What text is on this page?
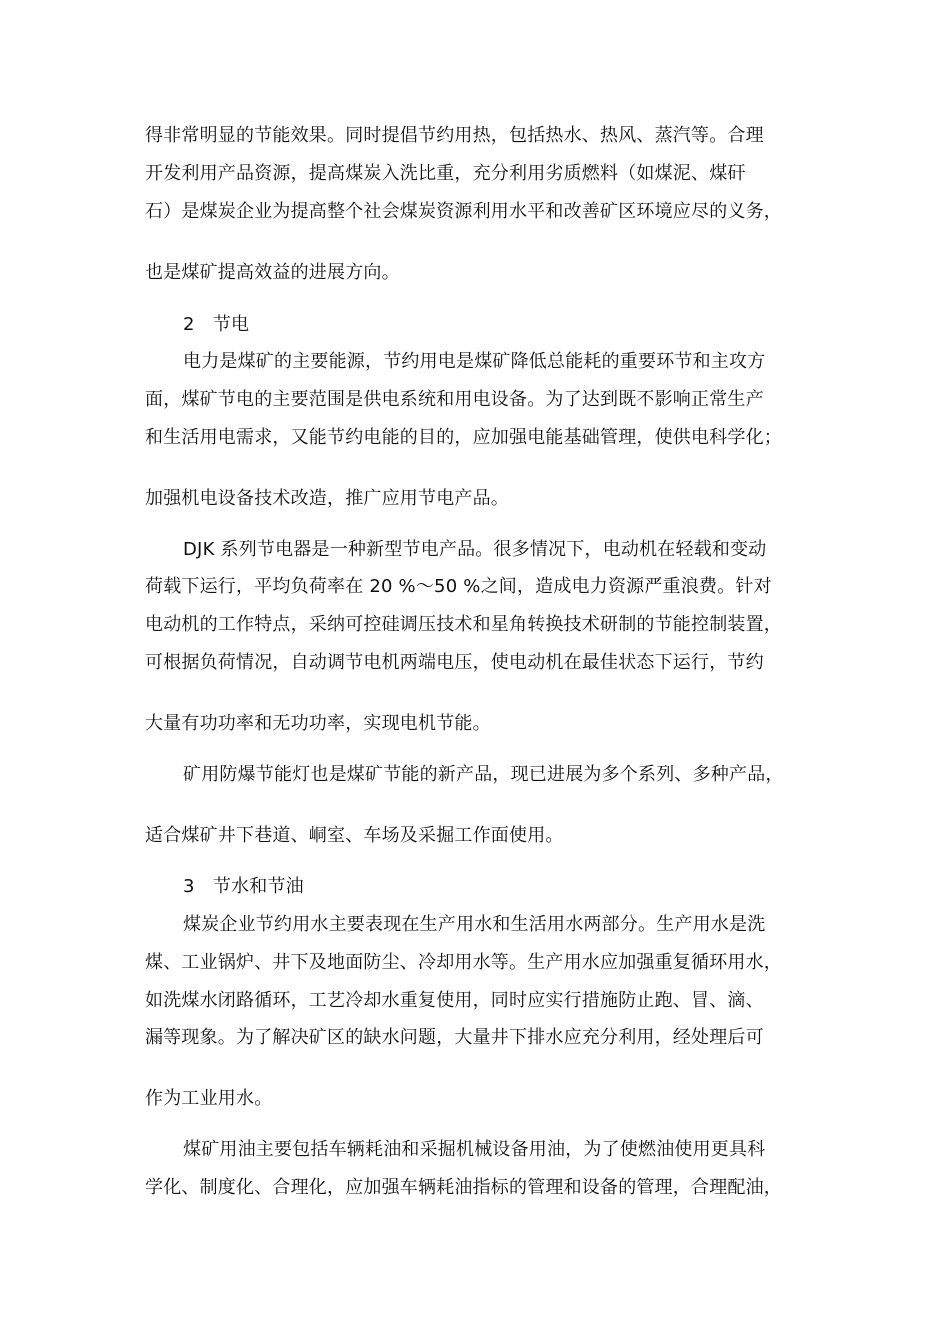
得非常明显的节能效果。同时提倡节约用热，包括热水、热风、蒸汽等。合理
开发利用产品资源，提高煤炭入洗比重，充分利用劣质燃料（如煤泥、煤矸
石）是煤炭企业为提高整个社会煤炭资源利用水平和改善矿区环境应尽的义务，
也是煤矿提高效益的进展方向。
2　节电
电力是煤矿的主要能源，节约用电是煤矿降低总能耗的重要环节和主攻方
面，煤矿节电的主要范围是供电系统和用电设备。为了达到既不影响正常生产
和生活用电需求，又能节约电能的目的，应加强电能基础管理，使供电科学化；
加强机电设备技术改造，推广应用节电产品。
DJK 系列节电器是一种新型节电产品。很多情况下，电动机在轻载和变动
荷载下运行，平均负荷率在 20 %～50 %之间，造成电力资源严重浪费。针对
电动机的工作特点，采纳可控硅调压技术和星角转换技术研制的节能控制装置，
可根据负荷情况，自动调节电机两端电压，使电动机在最佳状态下运行，节约
大量有功功率和无功功率，实现电机节能。
矿用防爆节能灯也是煤矿节能的新产品，现已进展为多个系列、多种产品，
适合煤矿井下巷道、峒室、车场及采掘工作面使用。
3　节水和节油
煤炭企业节约用水主要表现在生产用水和生活用水两部分。生产用水是洗
煤、工业锅炉、井下及地面防尘、冷却用水等。生产用水应加强重复循环用水，
如洗煤水闭路循环，工艺冷却水重复使用，同时应实行措施防止跑、冒、滴、
漏等现象。为了解决矿区的缺水问题，大量井下排水应充分利用，经处理后可
作为工业用水。
煤矿用油主要包括车辆耗油和采掘机械设备用油，为了使燃油使用更具科
学化、制度化、合理化，应加强车辆耗油指标的管理和设备的管理，合理配油，
